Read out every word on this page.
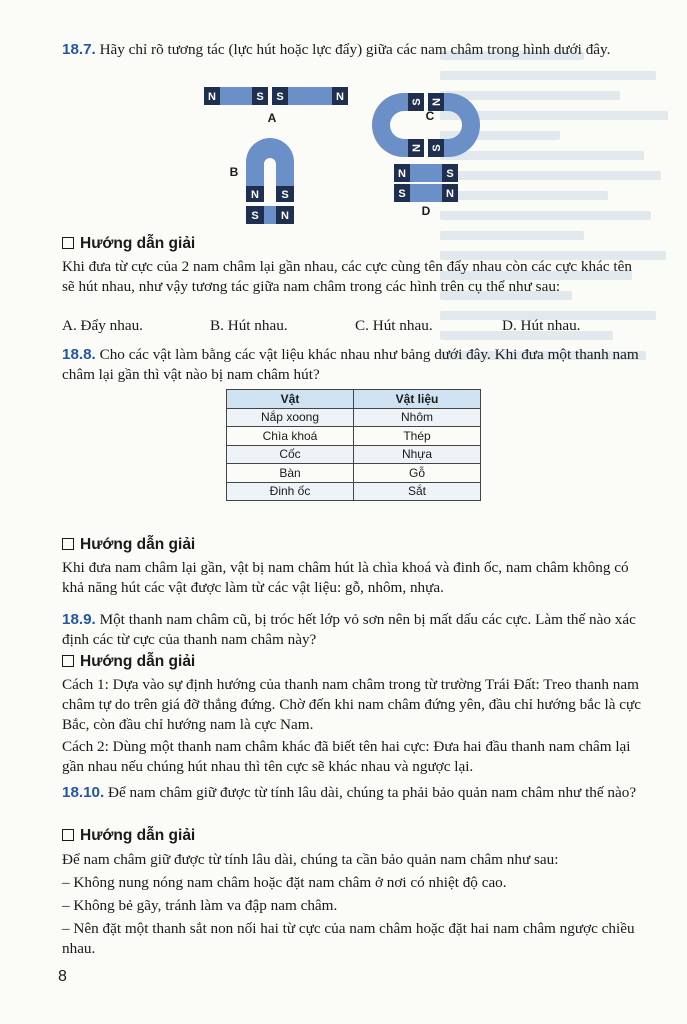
18.7. Hãy chỉ rõ tương tác (lực hút hoặc lực đẩy) giữa các nam châm trong hình dưới đây.

N	S S	N
A
S
N
N
S
C
N S
B
S N
N	S
S	N
D

Hướng dẫn giải

Khi đưa từ cực của 2 nam châm lại gần nhau, các cực cùng tên đẩy nhau còn các cực khác tên sẽ hút nhau, như vậy tương tác giữa nam châm trong các hình trên cụ thể như sau:

A. Đẩy nhau.	B. Hút nhau.	C. Hút nhau.	D. Hút nhau.

18.8. Cho các vật làm bằng các vật liệu khác nhau như bảng dưới đây. Khi đưa một thanh nam châm lại gần thì vật nào bị nam châm hút?

Vật	Vật liệu
Nắp xoong	Nhôm
Chìa khoá	Thép
Cốc	Nhựa
Bàn	Gỗ
Đinh ốc	Sắt

Hướng dẫn giải

Khi đưa nam châm lại gần, vật bị nam châm hút là chìa khoá và đinh ốc, nam châm không có khả năng hút các vật được làm từ các vật liệu: gỗ, nhôm, nhựa.

18.9. Một thanh nam châm cũ, bị tróc hết lớp vỏ sơn nên bị mất dấu các cực. Làm thế nào xác định các từ cực của thanh nam châm này?

Hướng dẫn giải

Cách 1: Dựa vào sự định hướng của thanh nam châm trong từ trường Trái Đất: Treo thanh nam châm tự do trên giá đỡ thẳng đứng. Chờ đến khi nam châm đứng yên, đầu chỉ hướng bắc là cực Bắc, còn đầu chỉ hướng nam là cực Nam.

Cách 2: Dùng một thanh nam châm khác đã biết tên hai cực: Đưa hai đầu thanh nam châm lại gần nhau nếu chúng hút nhau thì tên cực sẽ khác nhau và ngược lại.

18.10. Để nam châm giữ được từ tính lâu dài, chúng ta phải bảo quản nam châm như thế nào?

Hướng dẫn giải

Để nam châm giữ được từ tính lâu dài, chúng ta cần bảo quản nam châm như sau:

– Không nung nóng nam châm hoặc đặt nam châm ở nơi có nhiệt độ cao.

– Không bẻ gãy, tránh làm va đập nam châm.

– Nên đặt một thanh sắt non nối hai từ cực của nam châm hoặc đặt hai nam châm ngược chiều nhau.

8
